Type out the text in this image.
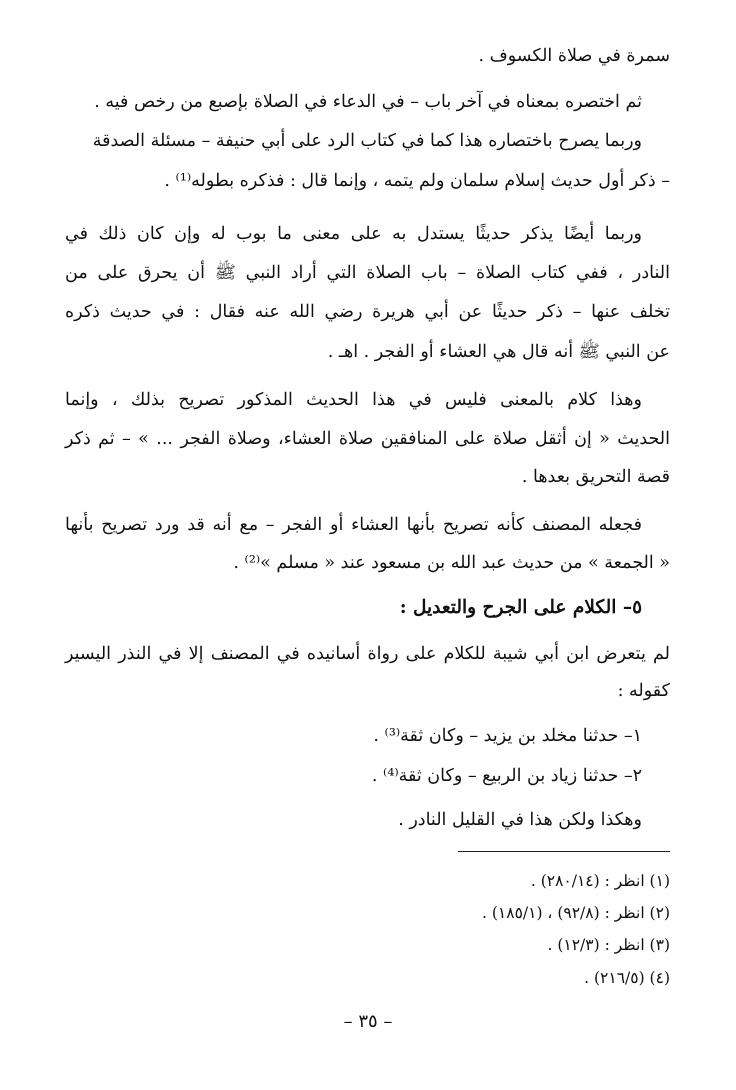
سمرة في صلاة الكسوف .
ثم اختصره بمعناه في آخر باب – في الدعاء في الصلاة بإصبع من رخص فيه .
وربما يصرح باختصاره هذا كما في كتاب الرد على أبي حنيفة – مسئلة الصدقة
– ذكر أول حديث إسلام سلمان ولم يتمه ، وإنما قال : فذكره بطوله⁽¹⁾ .
وربما أيضًا يذكر حديثًا يستدل به على معنى ما بوب له وإن كان ذلك في
النادر ، ففي كتاب الصلاة – باب الصلاة التي أراد النبي ﷺ أن يحرق على من
تخلف عنها – ذكر حديثًا عن أبي هريرة رضي الله عنه فقال : في حديث ذكره
عن النبي ﷺ أنه قال هي العشاء أو الفجر . اهـ .
وهذا كلام بالمعنى فليس في هذا الحديث المذكور تصريح بذلك ، وإنما
الحديث « إن أثقل صلاة على المنافقين صلاة العشاء، وصلاة الفجر ... » – ثم ذكر
قصة التحريق بعدها .
فجعله المصنف كأنه تصريح بأنها العشاء أو الفجر – مع أنه قد ورد تصريح بأنها
« الجمعة » من حديث عبد الله بن مسعود عند « مسلم »⁽²⁾ .
٥– الكلام على الجرح والتعديل :
لم يتعرض ابن أبي شيبة للكلام على رواة أسانيده في المصنف إلا في النذر اليسير
كقوله :
١– حدثنا مخلد بن يزيد – وكان ثقة⁽³⁾ .
٢– حدثنا زياد بن الربيع – وكان ثقة⁽⁴⁾ .
وهكذا ولكن هذا في القليل النادر .
(١) انظر : (٢٨٠/١٤) .
(٢) انظر : (٩٢/٨) ، (١٨٥/١) .
(٣) انظر : (١٢/٣) .
(٤) (٢١٦/٥) .
– ٣٥ –
